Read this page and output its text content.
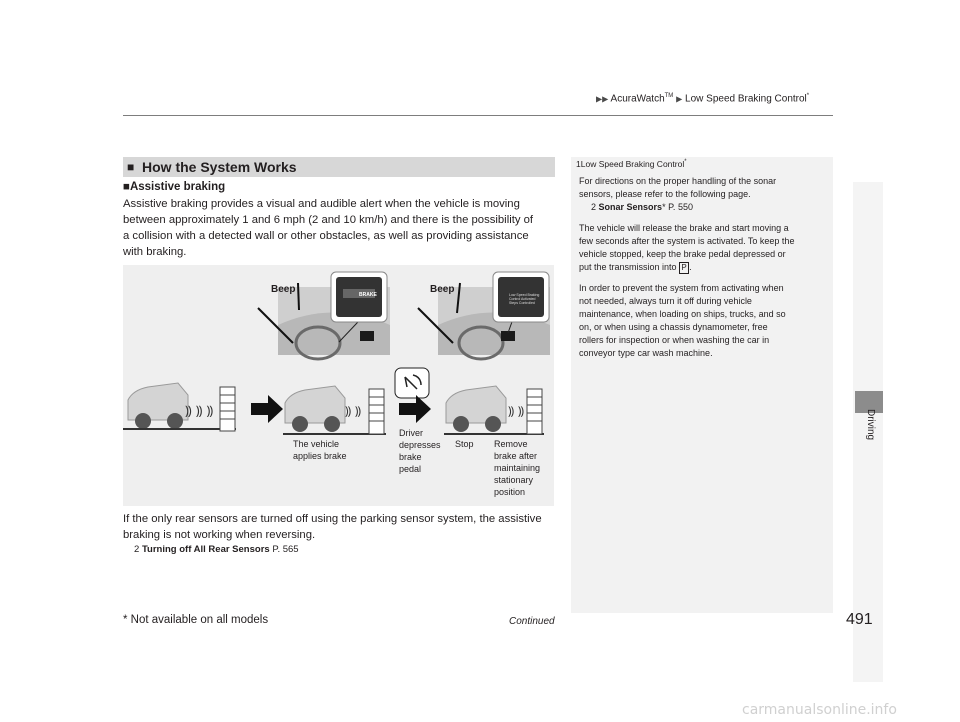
▶▶ AcuraWatch™ ▶ Low Speed Braking Control*
Driving
■ How the System Works
■Assistive braking
Assistive braking provides a visual and audible alert when the vehicle is moving
between approximately 1 and 6 mph (2 and 10 km/h) and there is the possibility of
a collision with a detected wall or other obstacles, as well as providing assistance
with braking.
Beep	BRAKE	Beep	Low Speed Braking
Control Activated
Steps Controlled
⸩ ⸩ ⸩	⸩ ⸩	⸩ ⸩
The vehicle
applies brake
Driver
depresses
brake
pedal
Stop Remove
brake after
maintaining
stationary
position
If the only rear sensors are turned off using the parking sensor system, the assistive
braking is not working when reversing.
2 Turning off All Rear Sensors P. 565
1Low Speed Braking Control*

For directions on the proper handling of the sonar
sensors, please refer to the following page.
2 Sonar Sensors* P. 550

The vehicle will release the brake and start moving a
few seconds after the system is activated. To keep the
vehicle stopped, keep the brake pedal depressed or
put the transmission into P .

In order to prevent the system from activating when
not needed, always turn it off during vehicle
maintenance, when loading on ships, trucks, and so
on, or when using a chassis dynamometer, free
rollers for inspection or when washing the car in
conveyor type car wash machine.

* Not available on all models	Continued	491
carmanualsonline.info
